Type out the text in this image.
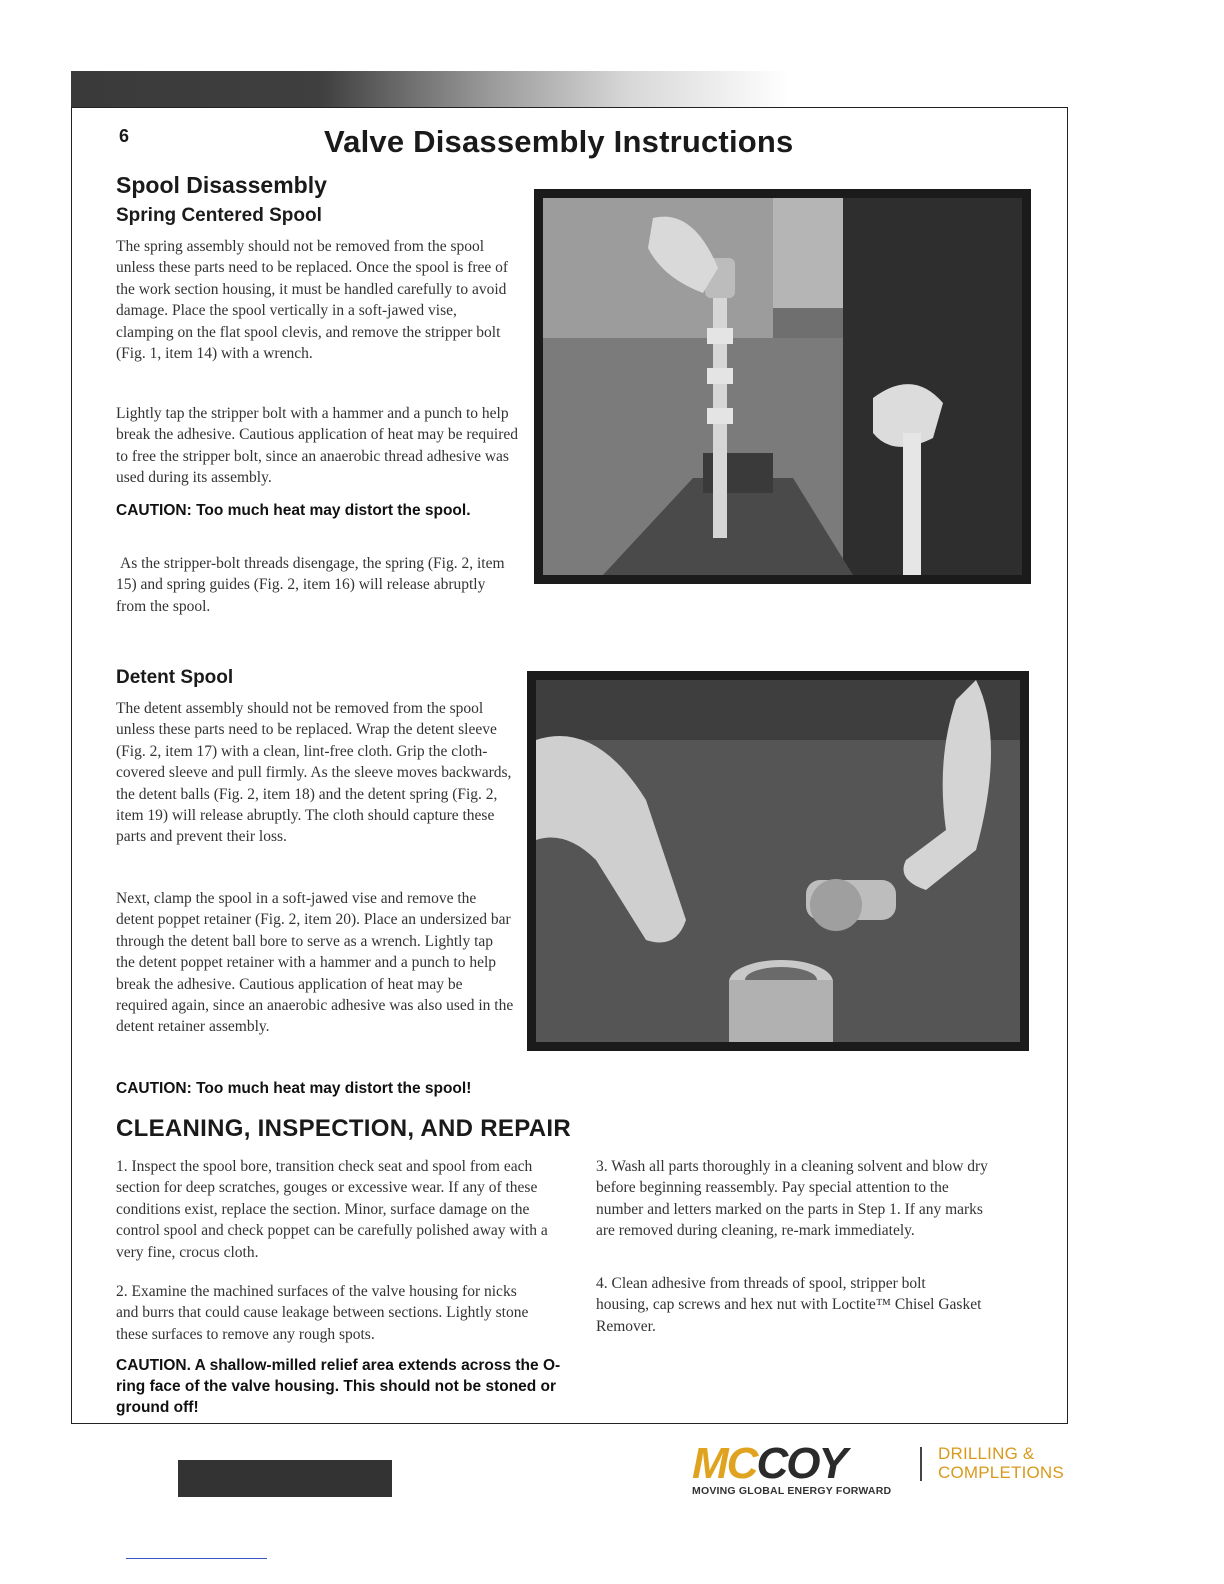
6	Valve Disassembly Instructions
Spool Disassembly
Spring Centered Spool

The spring assembly should not be removed from the spool unless these parts need to be replaced. Once the spool is free of the work section housing, it must be handled carefully to avoid damage. Place the spool vertically in a soft-jawed vise, clamping on the flat spool clevis, and remove the stripper bolt (Fig. 1, item 14) with a wrench.

Lightly tap the stripper bolt with a hammer and a punch to help break the adhesive. Cautious application of heat may be required to free the stripper bolt, since an anaerobic thread adhesive was used during its assembly.

CAUTION: Too much heat may distort the spool.

As the stripper-bolt threads disengage, the spring (Fig. 2, item 15) and spring guides (Fig. 2, item 16) will release abruptly from the spool.

Detent Spool

The detent assembly should not be removed from the spool unless these parts need to be replaced. Wrap the detent sleeve (Fig. 2, item 17) with a clean, lint-free cloth. Grip the cloth-covered sleeve and pull firmly. As the sleeve moves backwards, the detent balls (Fig. 2, item 18) and the detent spring (Fig. 2, item 19) will release abruptly. The cloth should capture these parts and prevent their loss.

Next, clamp the spool in a soft-jawed vise and remove the detent poppet retainer (Fig. 2, item 20). Place an undersized bar through the detent ball bore to serve as a wrench. Lightly tap the detent poppet retainer with a hammer and a punch to help break the adhesive. Cautious application of heat may be required again, since an anaerobic adhesive was also used in the detent retainer assembly.

CAUTION: Too much heat may distort the spool!

CLEANING, INSPECTION, AND REPAIR

1. Inspect the spool bore, transition check seat and spool from each section for deep scratches, gouges or excessive wear. If any of these conditions exist, replace the section. Minor, surface damage on the control spool and check poppet can be carefully polished away with a very fine, crocus cloth.

2. Examine the machined surfaces of the valve housing for nicks and burrs that could cause leakage between sections. Lightly stone these surfaces to remove any rough spots.

CAUTION. A shallow-milled relief area extends across the O-ring face of the valve housing. This should not be stoned or ground off!

3. Wash all parts thoroughly in a cleaning solvent and blow dry before beginning reassembly. Pay special attention to the number and letters marked on the parts in Step 1. If any marks are removed during cleaning, re-mark immediately.

4. Clean adhesive from threads of spool, stripper bolt housing, cap screws and hex nut with Loctite™ Chisel Gasket Remover.

MCCOY
MOVING GLOBAL ENERGY FORWARD
DRILLING &
COMPLETIONS
